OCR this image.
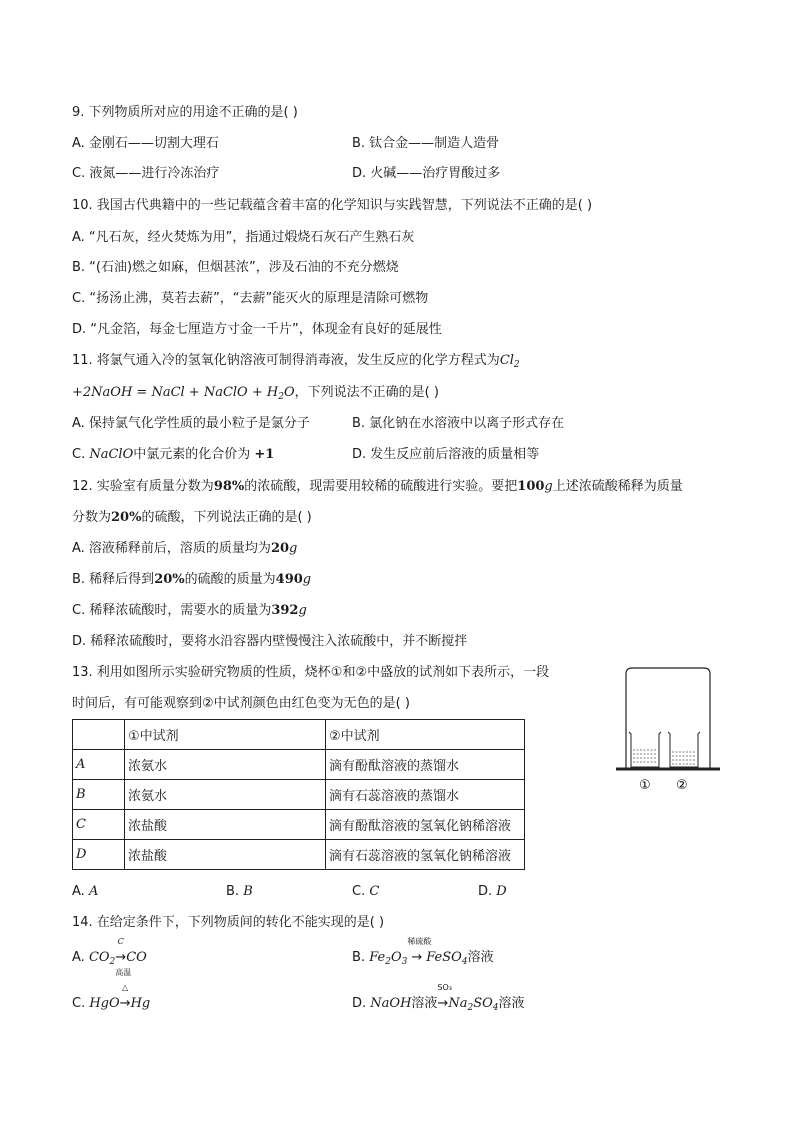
9. 下列物质所对应的用途不正确的是( )
A. 金刚石——切割大理石	B. 钛合金——制造人造骨
C. 液氮——进行冷冻治疗	D. 火碱——治疗胃酸过多
10. 我国古代典籍中的一些记载蕴含着丰富的化学知识与实践智慧，下列说法不正确的是( )
A. “凡石灰，经火焚炼为用”，指通过煅烧石灰石产生熟石灰
B. “(石油)燃之如麻，但烟甚浓”，涉及石油的不充分燃烧
C. “扬汤止沸，莫若去薪”，“去薪”能灭火的原理是清除可燃物
D. “凡金箔，每金七厘造方寸金一千片”，体现金有良好的延展性
11. 将氯气通入冷的氢氧化钠溶液可制得消毒液，发生反应的化学方程式为$Cl_2$
+2NaOH = NaCl + NaClO + $H_2O$，下列说法不正确的是( )
A. 保持氯气化学性质的最小粒子是氯分子	B. 氯化钠在水溶液中以离子形式存在
C. NaClO中氯元素的化合价为 +1	D. 发生反应前后溶液的质量相等
12. 实验室有质量分数为98%的浓硫酸，现需要用较稀的硫酸进行实验。要把100g上述浓硫酸稀释为质量
分数为20%的硫酸，下列说法正确的是( )
A. 溶液稀释前后，溶质的质量均为20g
B. 稀释后得到20%的硫酸的质量为490g
C. 稀释浓硫酸时，需要水的质量为392g
D. 稀释浓硫酸时，要将水沿容器内壁慢慢注入浓硫酸中，并不断搅拌
13. 利用如图所示实验研究物质的性质，烧杯①和②中盛放的试剂如下表所示，一段
时间后，有可能观察到②中试剂颜色由红色变为无色的是( )
	①中试剂	②中试剂
A	浓氨水	滴有酚酞溶液的蒸馏水
B	浓氨水	滴有石蕊溶液的蒸馏水
C	浓盐酸	滴有酚酞溶液的氢氧化钠稀溶液
D	浓盐酸	滴有石蕊溶液的氢氧化钠稀溶液
A. A	B. B	C. C	D. D
① ②
14. 在给定条件下，下列物质间的转化不能实现的是( )
A. $CO_2$
C
→
高温
CO	B. $Fe_2O_3$
稀硫酸
→ FeSO$_4$溶液
C. HgO
△
→Hg	D. NaOH溶液
SO₃
$\to Na_2SO_4$溶液
